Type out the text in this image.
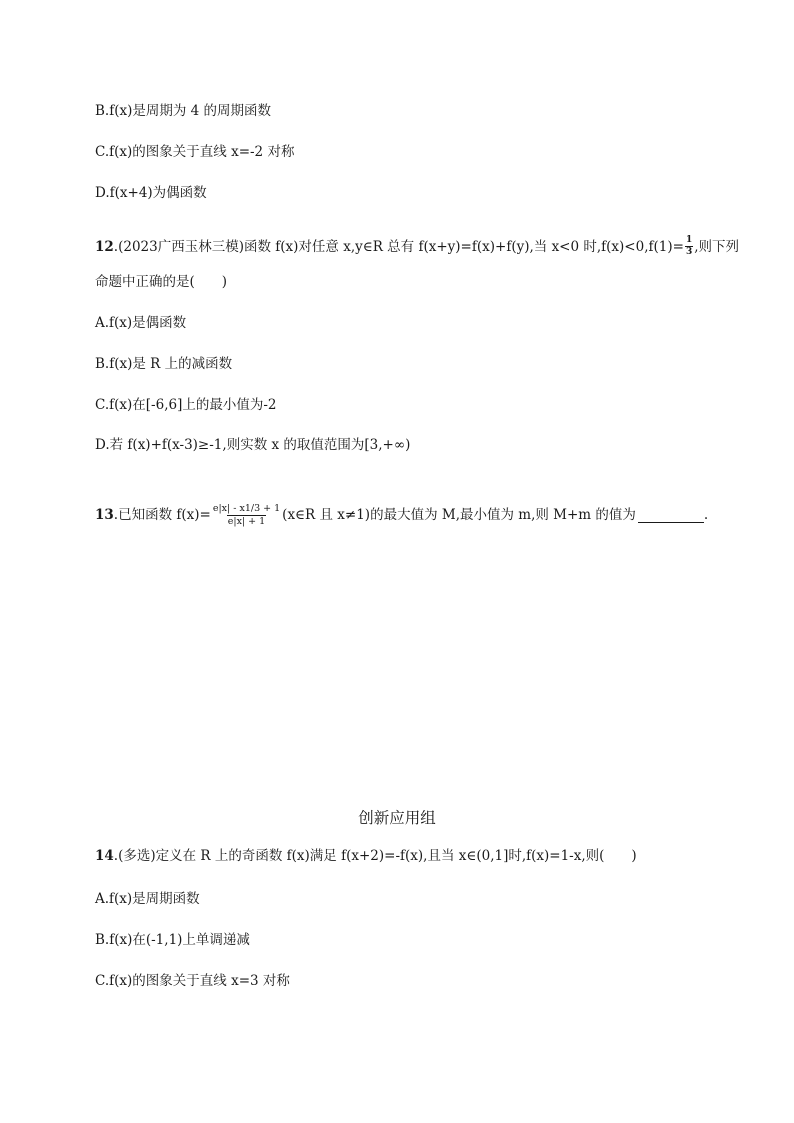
B.f(x)是周期为 4 的周期函数
C.f(x)的图象关于直线 x=-2 对称
D.f(x+4)为偶函数
12 .(2023广西玉林三模)函数 f(x)对任意 x,y∈R 总有 f(x+y)=f(x)+f(y),当 x<0 时$,f(x)<0,f(1)= \frac{1}{3}$ ,则下列
命题中正确的是(　　)
A.f(x)是偶函数
B.f(x)是 R 上的减函数
C.f(x)在[-6,6]上的最小值为-2
D.若 f(x)+f(x-3)≥-1,则实数 x 的取值范围为[3,+∞)
13 .已知函数 $f(x)= \frac{e|x| - x1/3 + 1}{e|x| + 1}$ (x∈R 且 x≠1)的最大值为 M,最小值为 m,则 M+m 的值为	.
创新应用组
14 .(多选)定义在 R 上的奇函数 f(x)满足 f(x+2)=-f(x),且当 x∈(0,1]时,f(x)=1-x,则(　　)
A.f(x)是周期函数
B.f(x)在(-1,1)上单调递减
C.f(x)的图象关于直线 x=3 对称
